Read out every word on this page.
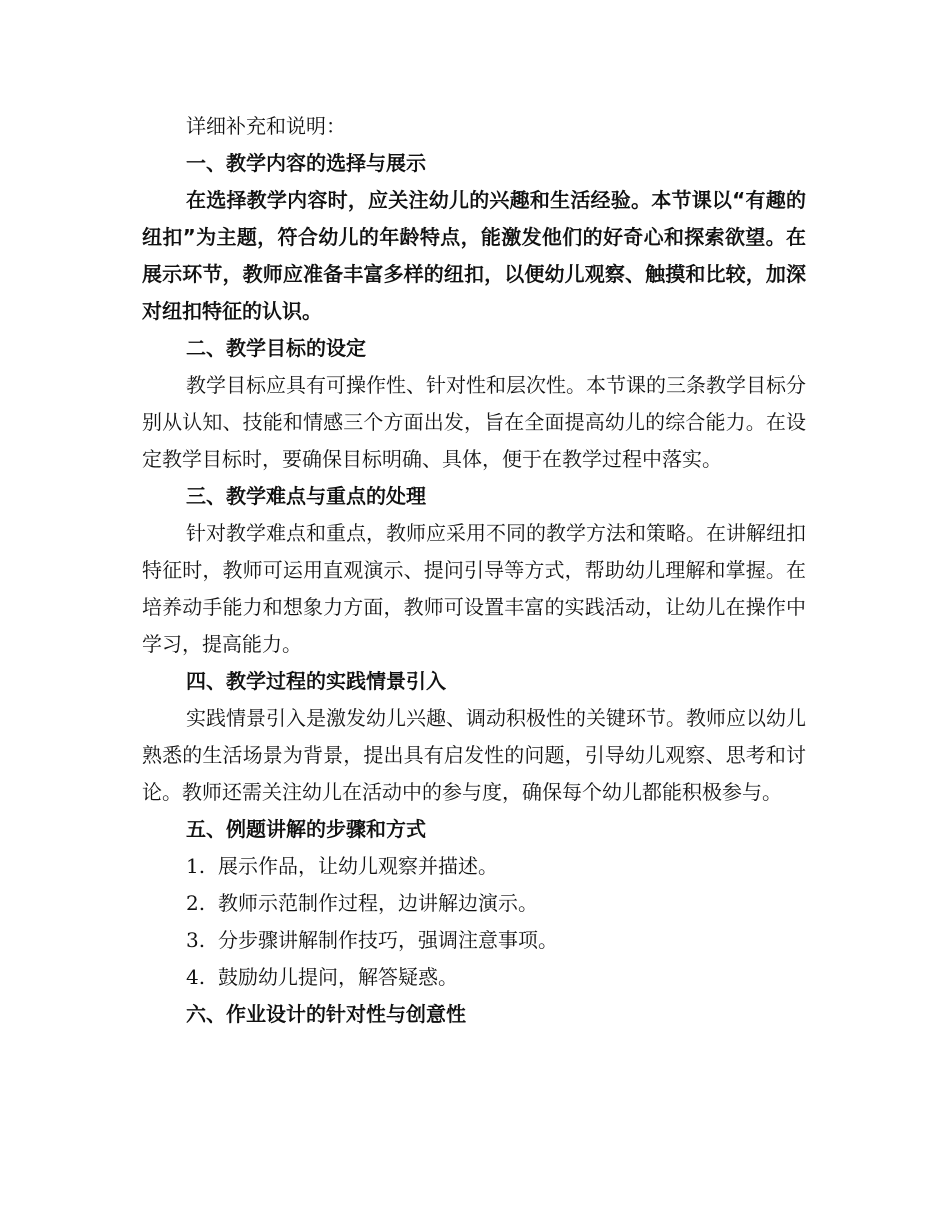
详细补充和说明：

一、教学内容的选择与展示

在选择教学内容时，应关注幼儿的兴趣和生活经验。本节课以“有趣的纽扣”为主题，符合幼儿的年龄特点，能激发他们的好奇心和探索欲望。在展示环节，教师应准备丰富多样的纽扣，以便幼儿观察、触摸和比较，加深对纽扣特征的认识。

二、教学目标的设定

教学目标应具有可操作性、针对性和层次性。本节课的三条教学目标分别从认知、技能和情感三个方面出发，旨在全面提高幼儿的综合能力。在设定教学目标时，要确保目标明确、具体，便于在教学过程中落实。

三、教学难点与重点的处理

针对教学难点和重点，教师应采用不同的教学方法和策略。在讲解纽扣特征时，教师可运用直观演示、提问引导等方式，帮助幼儿理解和掌握。在培养动手能力和想象力方面，教师可设置丰富的实践活动，让幼儿在操作中学习，提高能力。

四、教学过程的实践情景引入

实践情景引入是激发幼儿兴趣、调动积极性的关键环节。教师应以幼儿熟悉的生活场景为背景，提出具有启发性的问题，引导幼儿观察、思考和讨论。教师还需关注幼儿在活动中的参与度，确保每个幼儿都能积极参与。

五、例题讲解的步骤和方式

1. 展示作品，让幼儿观察并描述。

2. 教师示范制作过程，边讲解边演示。

3. 分步骤讲解制作技巧，强调注意事项。

4. 鼓励幼儿提问，解答疑惑。

六、作业设计的针对性与创意性
